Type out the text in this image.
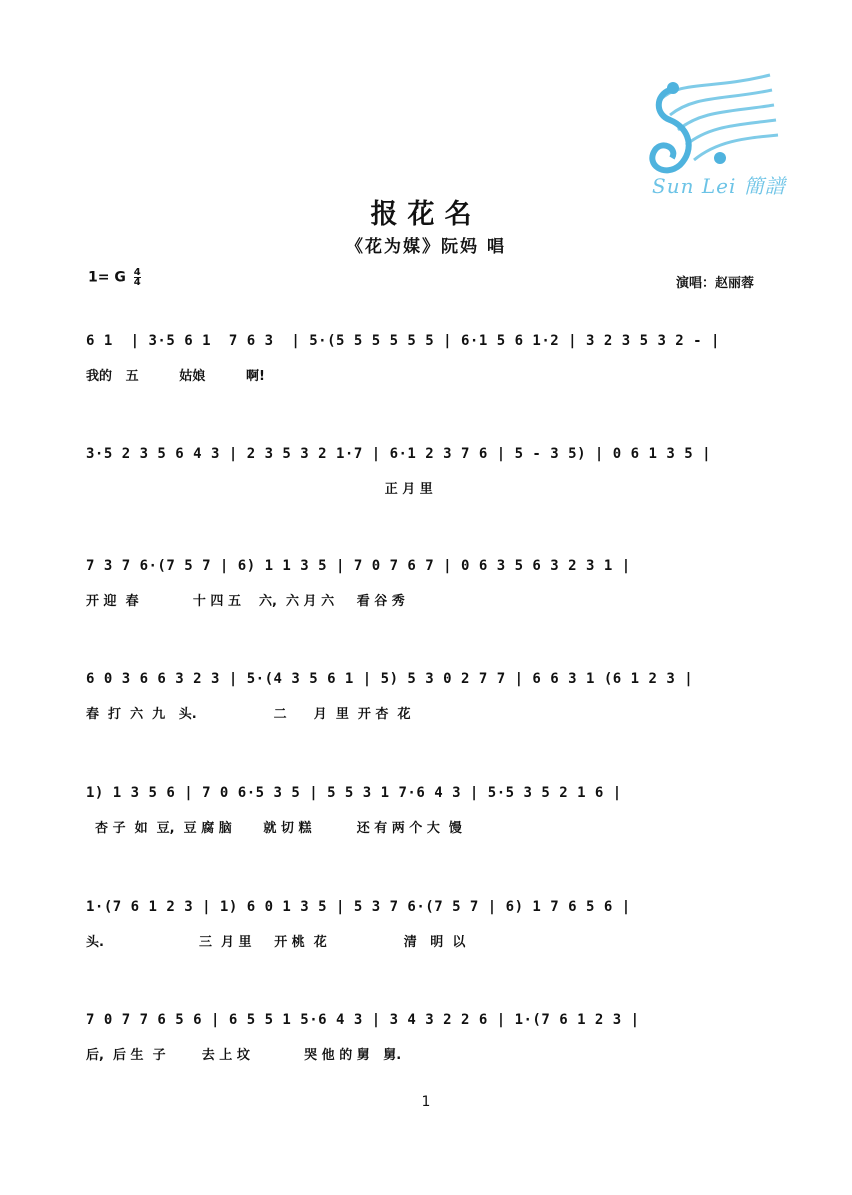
Sun Lei 簡譜
报花名
《花为媒》阮妈 唱
1= G $\frac{4}{4}$	演唱：赵丽蓉
6 1  | 3·5 6 1  7 6 3  | 5·(5 5 5 5 5 5 | 6·1 5 6 1·2 | 3 2 3 5 3 2 - |
我的   五         姑娘         啊!
3·5 2 3 5 6 4 3 | 2 3 5 3 2 1·7 | 6·1 2 3 7 6 | 5 - 3 5) | 0 6 1 3 5 |
正 月 里
7 3 7 6·(7 5 7 | 6) 1 1 3 5 | 7 0 7 6 7 | 0 6 3 5 6 3 2 3 1 |
开 迎  春            十 四 五    六,  六 月 六     看 谷 秀
6 0 3 6 6 3 2 3 | 5·(4 3 5 6 1 | 5) 5 3 0 2 7 7 | 6 6 3 1 (6 1 2 3 |
春  打  六  九   头.                 二      月  里  开 杏  花
1) 1 3 5 6 | 7 0 6·5 3 5 | 5 5 3 1 7·6 4 3 | 5·5 3 5 2 1 6 |
杏 子  如  豆,  豆 腐 脑       就 切 糕          还 有 两 个 大  馒
1·(7 6 1 2 3 | 1) 6 0 1 3 5 | 5 3 7 6·(7 5 7 | 6) 1 7 6 5 6 |
头.                     三  月 里     开 桃  花                 清   明  以
7 0 7 7 6 5 6 | 6 5 5 1 5·6 4 3 | 3 4 3 2 2 6 | 1·(7 6 1 2 3 |
后,  后 生  子        去 上 坟            哭 他 的 舅   舅.
1
